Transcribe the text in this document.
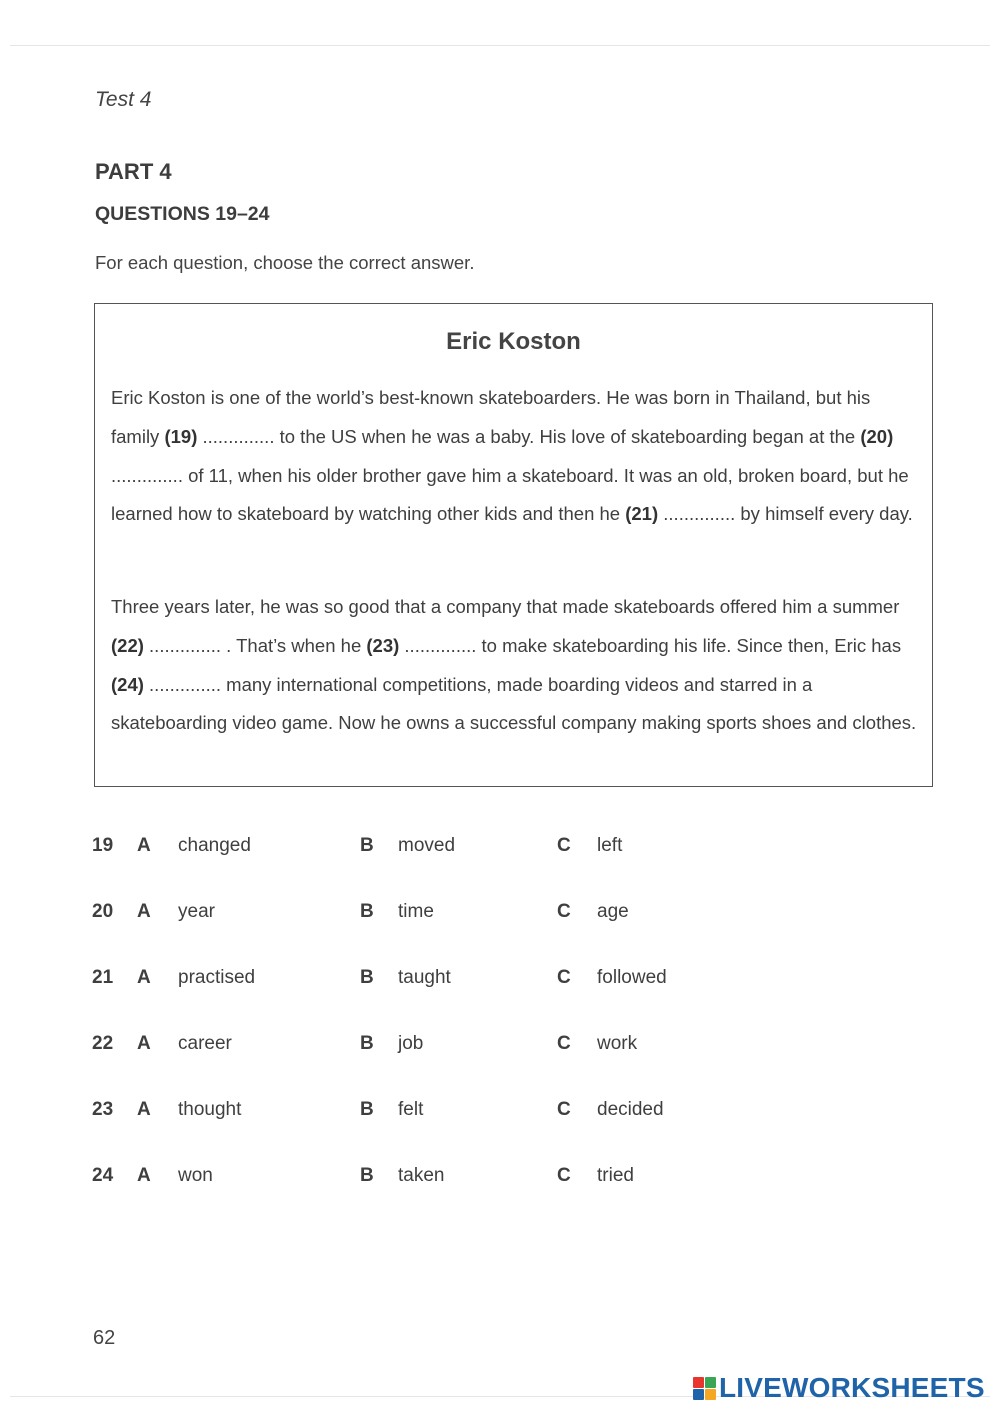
Test 4
PART 4
QUESTIONS 19–24
For each question, choose the correct answer.
Eric Koston
Eric Koston is one of the world’s best-known skateboarders. He was born in Thailand, but his family (19) .............. to the US when he was a baby. His love of skateboarding began at the (20) .............. of 11, when his older brother gave him a skateboard. It was an old, broken board, but he learned how to skateboard by watching other kids and then he (21) .............. by himself every day.
Three years later, he was so good that a company that made skateboards offered him a summer (22) .............. . That’s when he (23) .............. to make skateboarding his life. Since then, Eric has (24) .............. many international competitions, made boarding videos and starred in a skateboarding video game. Now he owns a successful company making sports shoes and clothes.
19 A changed	B moved	C left
20 A year	B time	C age
21 A practised	B taught	C followed
22 A career	B job	C work
23 A thought	B felt	C decided
24 A won	B taken	C tried
62
LIVEWORKSHEETS
